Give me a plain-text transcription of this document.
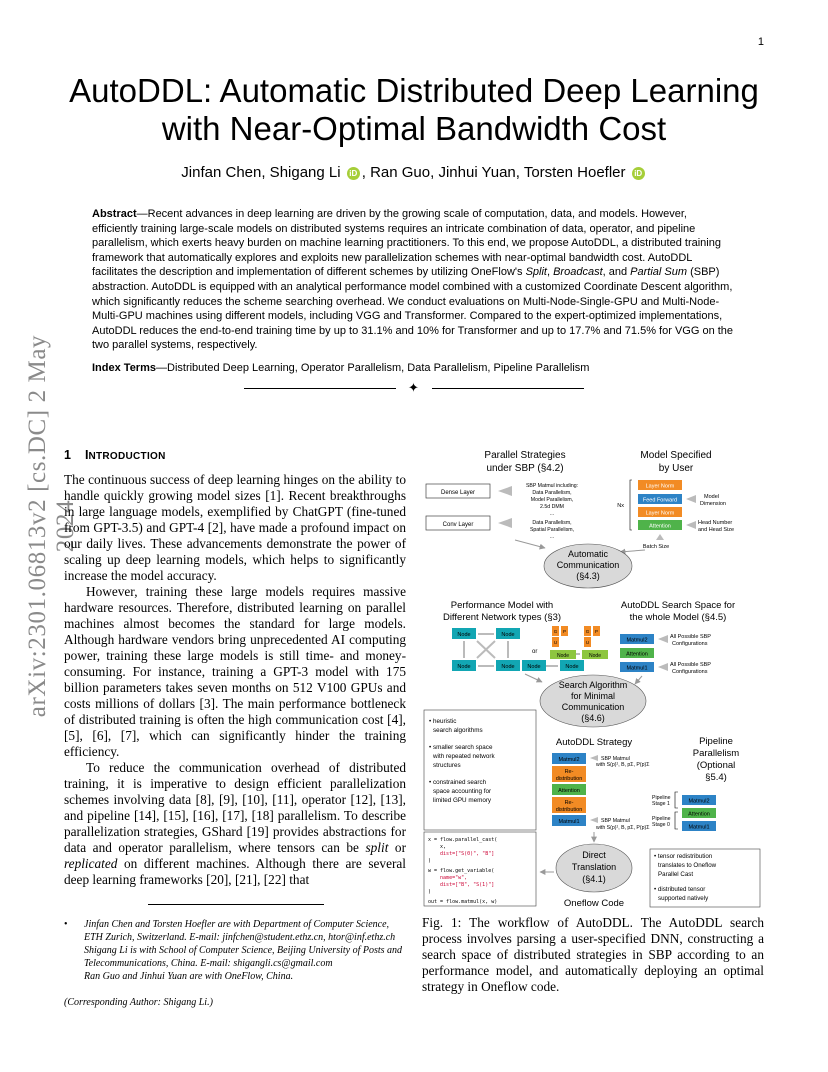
1
AutoDDL: Automatic Distributed Deep Learning
with Near-Optimal Bandwidth Cost
Jinfan Chen, Shigang Li iD , Ran Guo, Jinhui Yuan, Torsten Hoefler iD
Abstract—Recent advances in deep learning are driven by the growing scale of computation, data, and models. However, efficiently training large-scale models on distributed systems requires an intricate combination of data, operator, and pipeline parallelism, which exerts heavy burden on machine learning practitioners. To this end, we propose AutoDDL, a distributed training framework that automatically explores and exploits new parallelization schemes with near-optimal bandwidth cost. AutoDDL facilitates the description and implementation of different schemes by utilizing OneFlow's Split, Broadcast, and Partial Sum (SBP) abstraction. AutoDDL is equipped with an analytical performance model combined with a customized Coordinate Descent algorithm, which significantly reduces the scheme searching overhead. We conduct evaluations on Multi-Node-Single-GPU and Multi-Node-Multi-GPU machines using different models, including VGG and Transformer. Compared to the expert-optimized implementations, AutoDDL reduces the end-to-end training time by up to 31.1% and 10% for Transformer and up to 17.7% and 71.5% for VGG on the two parallel systems, respectively.
Index Terms—Distributed Deep Learning, Operator Parallelism, Data Parallelism, Pipeline Parallelism
✦
arXiv:2301.06813v2 [cs.DC] 2 May 2024
1 INTRODUCTION

The continuous success of deep learning hinges on the ability to handle quickly growing model sizes [1]. Recent breakthroughs in large language models, exemplified by ChatGPT (fine-tuned from GPT-3.5) and GPT-4 [2], have made a profound impact on our daily lives. These advancements demonstrate the power of scaling up deep learning models, which helps to significantly increase the model accuracy.

However, training these large models requires massive hardware resources. Therefore, distributed learning on parallel machines almost becomes the standard for large models. Although hardware vendors bring unprecedented AI computing power, training these large models is still time- and money-consuming. For instance, training a GPT-3 model with 175 billion parameters takes seven months on 512 V100 GPUs and costs millions of dollars [3]. The main performance bottleneck of distributed training is often the high communication cost [4], [5], [6], [7], which can significantly hinder the training efficiency.

To reduce the communication overhead of distributed training, it is imperative to design efficient parallelization schemes involving data [8], [9], [10], [11], operator [12], [13], and pipeline [14], [15], [16], [17], [18] parallelism. To describe parallelization strategies, GShard [19] provides abstractions for data and operator parallelism, where tensors can be split or replicated on different machines. Although there are several deep learning frameworks [20], [21], [22] that

• Jinfan Chen and Torsten Hoefler are with Department of Computer Science, ETH Zurich, Switzerland. E-mail: jinfchen@student.ethz.cn, htor@inf.ethz.ch

Shigang Li is with School of Computer Science, Beijing University of Posts and Telecommunications, China. E-mail: shigangli.cs@gmail.com

Ran Guo and Jinhui Yuan are with OneFlow, China.

(Corresponding Author: Shigang Li.)
Parallel Strategies
under SBP (§4.2)
Model Specified
by User
Dense Layer
Conv Layer
SBP Matmul including:
Data Parallelism,
Model Parallelism,
2.5d DMM
...
Data Parallelism,
Spatial Parallelism,
...
Layer Norm
Feed Forward
Layer Norm
Attention
Nx
Model
Dimension
Head Number
and Head Size
Batch Size
Automatic
Communication
(§4.3)
Performance Model with
Different Network types (§3)
Node	Node
Node	Node
or
G P
U
G P
U
Node	Node
Node	Node
AutoDDL Search Space for
the whole Model (§4.5)
Matmul2
Attention
Matmul1
All Possible SBP
Configurations
All Possible SBP
Configurations
Search Algorithm
for Minimal
Communication
(§4.6)
• heuristic
search algorithms
• smaller search space
with repeated network
structures
• constrained search
space accounting for
limited GPU memory
AutoDDL Strategy
Matmul2
Re-
distribution
Attention
Re-
distribution
Matmul1
SBP Matmul
with S(p)¹, B, pΣ, P(p)Σ
SBP Matmul
with S(p)¹, B, pΣ, P(p)Σ
Pipeline
Parallelism
(Optional
§5.4)
Pipeline
Stage 1
Pipeline
Stage 0
Matmul2
Attention
Matmul1
x = flow.parallel_cast(
x,
dist=["S(0)", "B"]
)
w = flow.get_variable(
name="w",
dist=["B", "S(1)"]
)
out = flow.matmul(x, w)
Direct
Translation
(§4.1)
Oneflow Code
• tensor redistribution
translates to Oneflow
Parallel Cast
• distributed tensor
supported natively
Fig. 1: The workflow of AutoDDL. The AutoDDL search process involves parsing a user-specified DNN, constructing a search space of distributed strategies in SBP according to an performance model, and automatically deploying an optimal strategy in Oneflow code.
